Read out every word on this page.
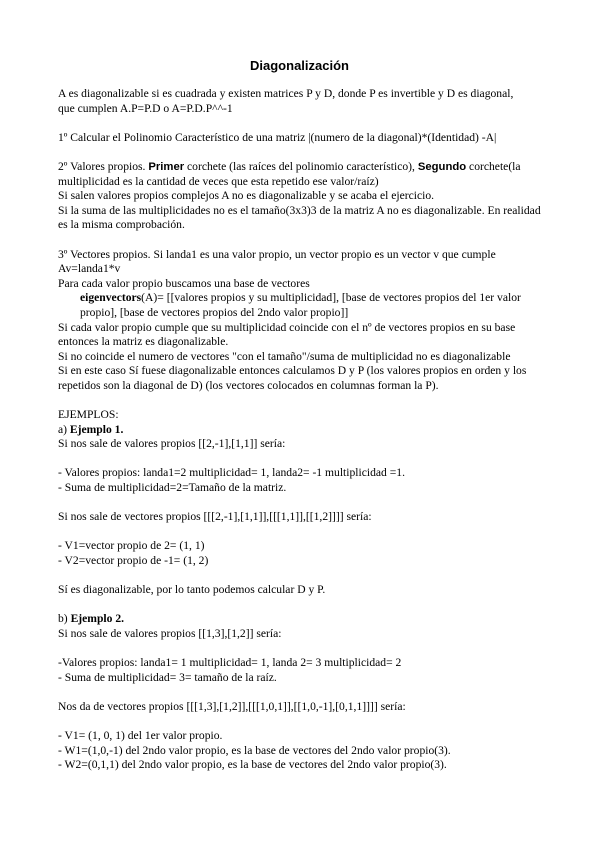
Diagonalización

A es diagonalizable si es cuadrada y existen matrices P y D, donde P es invertible y D es diagonal,

que cumplen A.P=P.D o A=P.D.P^^-1

1º Calcular el Polinomio Característico de una matriz |(numero de la diagonal)*(Identidad) -A|

2º Valores propios. Primer corchete (las raíces del polinomio característico), Segundo corchete(la multiplicidad es la cantidad de veces que esta repetido ese valor/raíz)

Si salen valores propios complejos A no es diagonalizable y se acaba el ejercicio.

Si la suma de las multiplicidades no es el tamaño(3x3)3 de la matriz A no es diagonalizable. En realidad es la misma comprobación.

3º Vectores propios. Si landa1 es una valor propio, un vector propio es un vector v que cumple Av=landa1*v

Para cada valor propio buscamos una base de vectores

eigenvectors(A)= [[valores propios y su multiplicidad], [base de vectores propios del 1er valor propio], [base de vectores propios del 2ndo valor propio]]

Si cada valor propio cumple que su multiplicidad coincide con el nº de vectores propios en su base entonces la matriz es diagonalizable.

Si no coincide el numero de vectores "con el tamaño"/suma de multiplicidad no es diagonalizable

Si en este caso Sí fuese diagonalizable entonces calculamos D y P (los valores propios en orden y los repetidos son la diagonal de D) (los vectores colocados en columnas forman la P).

EJEMPLOS:

a) Ejemplo 1.

Si nos sale de valores propios [[2,-1],[1,1]] sería:

- Valores propios: landa1=2 multiplicidad= 1, landa2= -1 multiplicidad =1.

- Suma de multiplicidad=2=Tamaño de la matriz.

Si nos sale de vectores propios [[[2,-1],[1,1]],[[[1,1]],[[1,2]]]] sería:

- V1=vector propio de 2= (1, 1)

- V2=vector propio de -1= (1, 2)

Sí es diagonalizable, por lo tanto podemos calcular D y P.

b) Ejemplo 2.

Si nos sale de valores propios [[1,3],[1,2]] sería:

-Valores propios: landa1= 1 multiplicidad= 1, landa 2= 3 multiplicidad= 2

- Suma de multiplicidad= 3= tamaño de la raíz.

Nos da de vectores propios [[[1,3],[1,2]],[[[1,0,1]],[[1,0,-1],[0,1,1]]]] sería:

- V1= (1, 0, 1) del 1er valor propio.

- W1=(1,0,-1) del 2ndo valor propio, es la base de vectores del 2ndo valor propio(3).

- W2=(0,1,1) del 2ndo valor propio, es la base de vectores del 2ndo valor propio(3).
